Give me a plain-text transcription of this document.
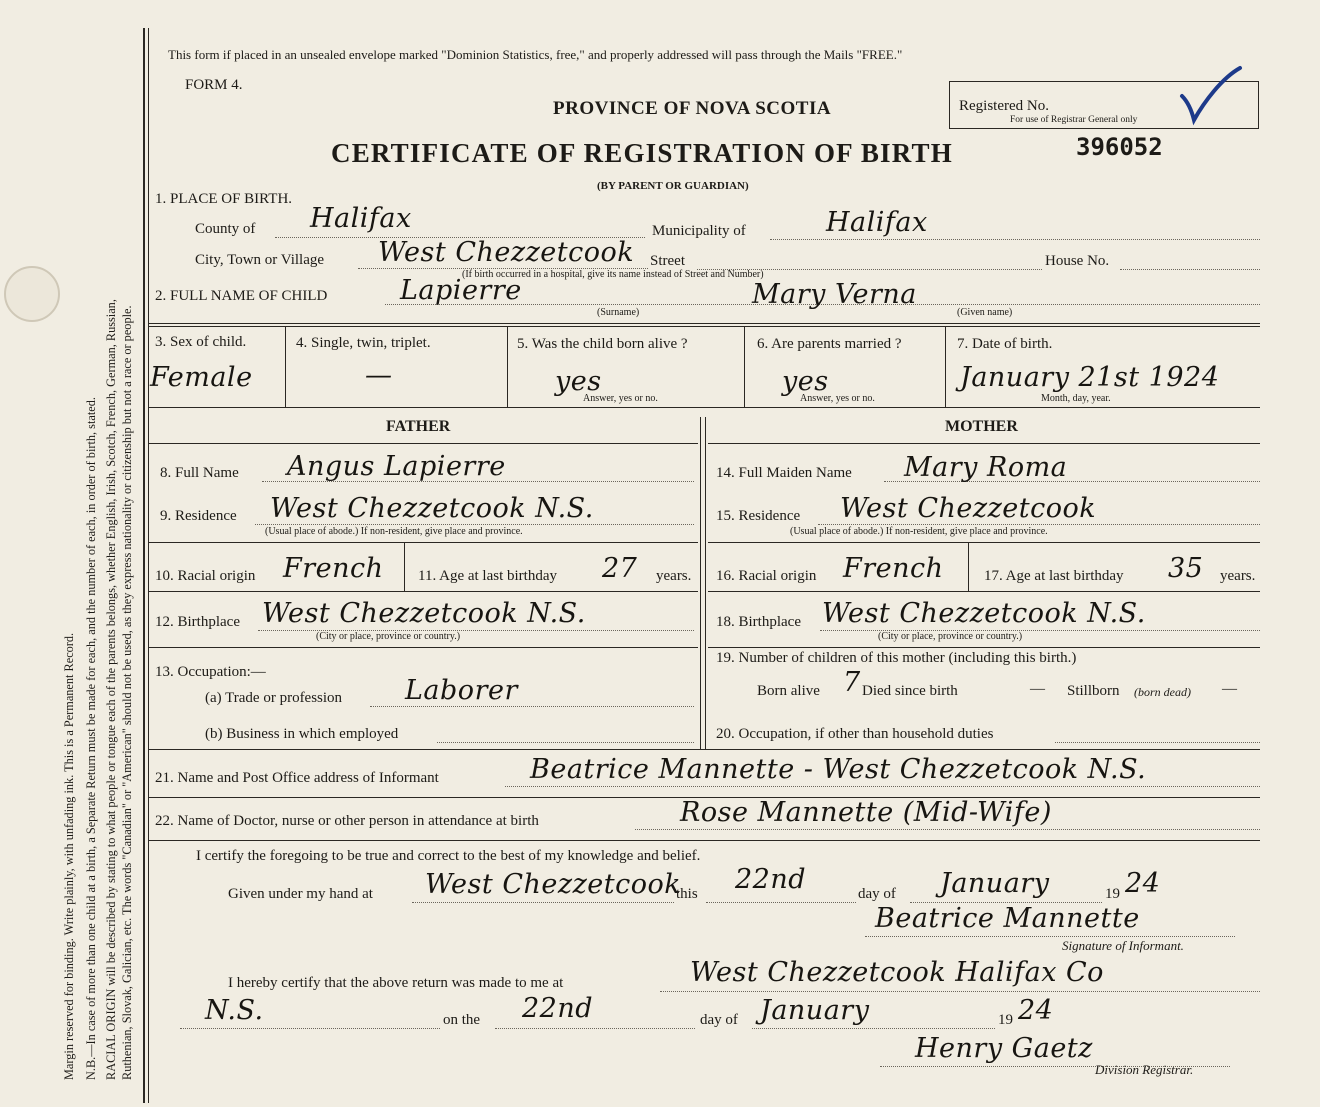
Margin reserved for binding. Write plainly, with unfading ink. This is a Permanent Record. N.B.—In case of more than one child at a birth, a Separate Return must be made for each, and the number of each, in order of birth, stated. RACIAL ORIGIN will be described by stating to what people or tongue each of the parents belongs, whether English, Irish, Scotch, French, German, Russian, Ruthenian, Slovak, Galician, etc. The words "Canadian" or "American" should not be used, as they express nationality or citizenship but not a race or people.
This form if placed in an unsealed envelope marked "Dominion Statistics, free," and properly addressed will pass through the Mails "FREE."
FORM 4.
PROVINCE OF NOVA SCOTIA	Registered No.
For use of Registrar General only
CERTIFICATE OF REGISTRATION OF BIRTH	396052
(BY PARENT OR GUARDIAN)
1. PLACE OF BIRTH.
County of Halifax	Municipality of	Halifax
City, Town or Village West Chezzetcook Street	House No.
(If birth occurred in a hospital, give its name instead of Street and Number)
2. FULL NAME OF CHILD	Lapierre	Mary Verna
(Surname)	(Given name)
3. Sex of child.
Female
4. Single, twin, triplet.
—
5. Was the child born alive ?
yes
Answer, yes or no.
6. Are parents married ?
yes
Answer, yes or no.
7. Date of birth.
January 21st 1924
Month, day, year.
FATHER	MOTHER
8. Full Name Angus Lapierre
9. Residence West Chezzetcook N.S.
(Usual place of abode.) If non-resident, give place and province.
10. Racial origin French 11. Age at last birthday 27 years.
12. Birthplace West Chezzetcook N.S.
(City or place, province or country.)
13. Occupation:—
(a) Trade or profession Laborer
(b) Business in which employed
14. Full Maiden Name Mary Roma
15. Residence West Chezzetcook
(Usual place of abode.) If non-resident, give place and province.
16. Racial origin French	17. Age at last birthday 35 years.
18. Birthplace West Chezzetcook N.S.
(City or place, province or country.)
19. Number of children of this mother (including this birth.)
Born alive 7 Died since birth	— Stillborn (born dead) —
20. Occupation, if other than household duties
21. Name and Post Office address of Informant	Beatrice Mannette - West Chezzetcook N.S.
22. Name of Doctor, nurse or other person in attendance at birth	Rose Mannette (Mid-Wife)
I certify the foregoing to be true and correct to the best of my knowledge and belief.
Given under my hand at West Chezzetcook
this 22nd	day of January	19 24
Beatrice Mannette
Signature of Informant.
I hereby certify that the above return was made to me at	West Chezzetcook Halifax Co
N.S.	on the 22nd	day of January	19 24
Henry Gaetz
Division Registrar.
